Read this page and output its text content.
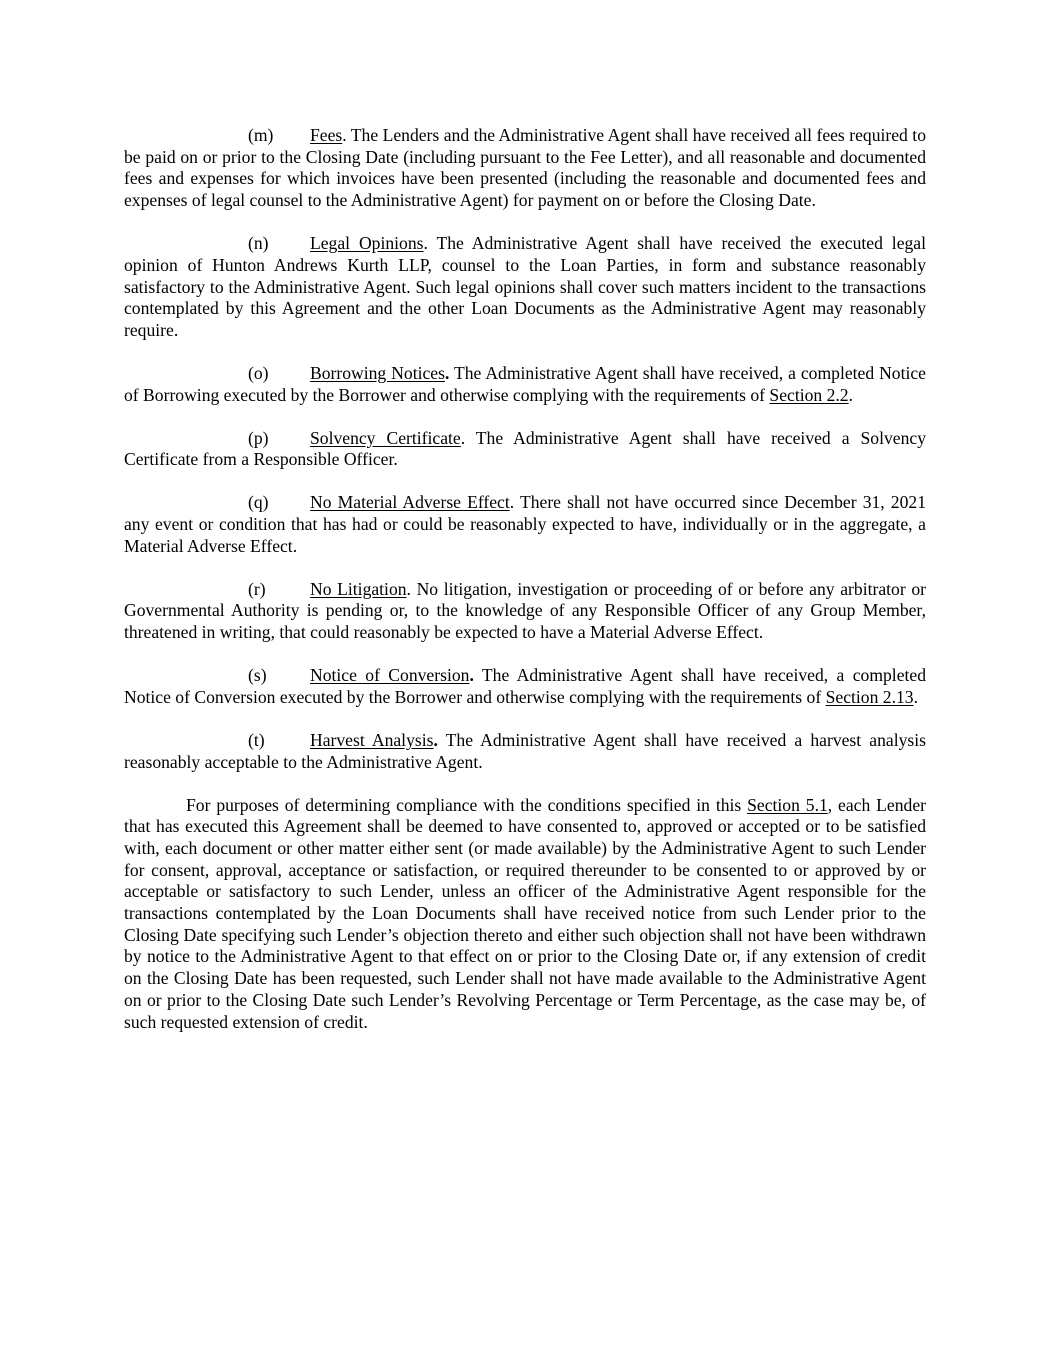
(m) Fees. The Lenders and the Administrative Agent shall have received all fees required to be paid on or prior to the Closing Date (including pursuant to the Fee Letter), and all reasonable and documented fees and expenses for which invoices have been presented (including the reasonable and documented fees and expenses of legal counsel to the Administrative Agent) for payment on or before the Closing Date.

(n) Legal Opinions. The Administrative Agent shall have received the executed legal opinion of Hunton Andrews Kurth LLP, counsel to the Loan Parties, in form and substance reasonably satisfactory to the Administrative Agent. Such legal opinions shall cover such matters incident to the transactions contemplated by this Agreement and the other Loan Documents as the Administrative Agent may reasonably require.

(o) Borrowing Notices. The Administrative Agent shall have received, a completed Notice of Borrowing executed by the Borrower and otherwise complying with the requirements of Section 2.2.

(p) Solvency Certificate. The Administrative Agent shall have received a Solvency Certificate from a Responsible Officer.

(q) No Material Adverse Effect. There shall not have occurred since December 31, 2021 any event or condition that has had or could be reasonably expected to have, individually or in the aggregate, a Material Adverse Effect.

(r)	No Litigation. No litigation, investigation or proceeding of or before any arbitrator or Governmental Authority is pending or, to the knowledge of any Responsible Officer of any Group Member, threatened in writing, that could reasonably be expected to have a Material Adverse Effect.

(s) Notice of Conversion. The Administrative Agent shall have received, a completed Notice of Conversion executed by the Borrower and otherwise complying with the requirements of Section 2.13.

(t)	Harvest Analysis. The Administrative Agent shall have received a harvest analysis reasonably acceptable to the Administrative Agent.

For purposes of determining compliance with the conditions specified in this Section 5.1, each Lender that has executed this Agreement shall be deemed to have consented to, approved or accepted or to be satisfied with, each document or other matter either sent (or made available) by the Administrative Agent to such Lender for consent, approval, acceptance or satisfaction, or required thereunder to be consented to or approved by or acceptable or satisfactory to such Lender, unless an officer of the Administrative Agent responsible for the transactions contemplated by the Loan Documents shall have received notice from such Lender prior to the Closing Date specifying such Lender’s objection thereto and either such objection shall not have been withdrawn by notice to the Administrative Agent to that effect on or prior to the Closing Date or, if any extension of credit on the Closing Date has been requested, such Lender shall not have made available to the Administrative Agent on or prior to the Closing Date such Lender’s Revolving Percentage or Term Percentage, as the case may be, of such requested extension of credit.
